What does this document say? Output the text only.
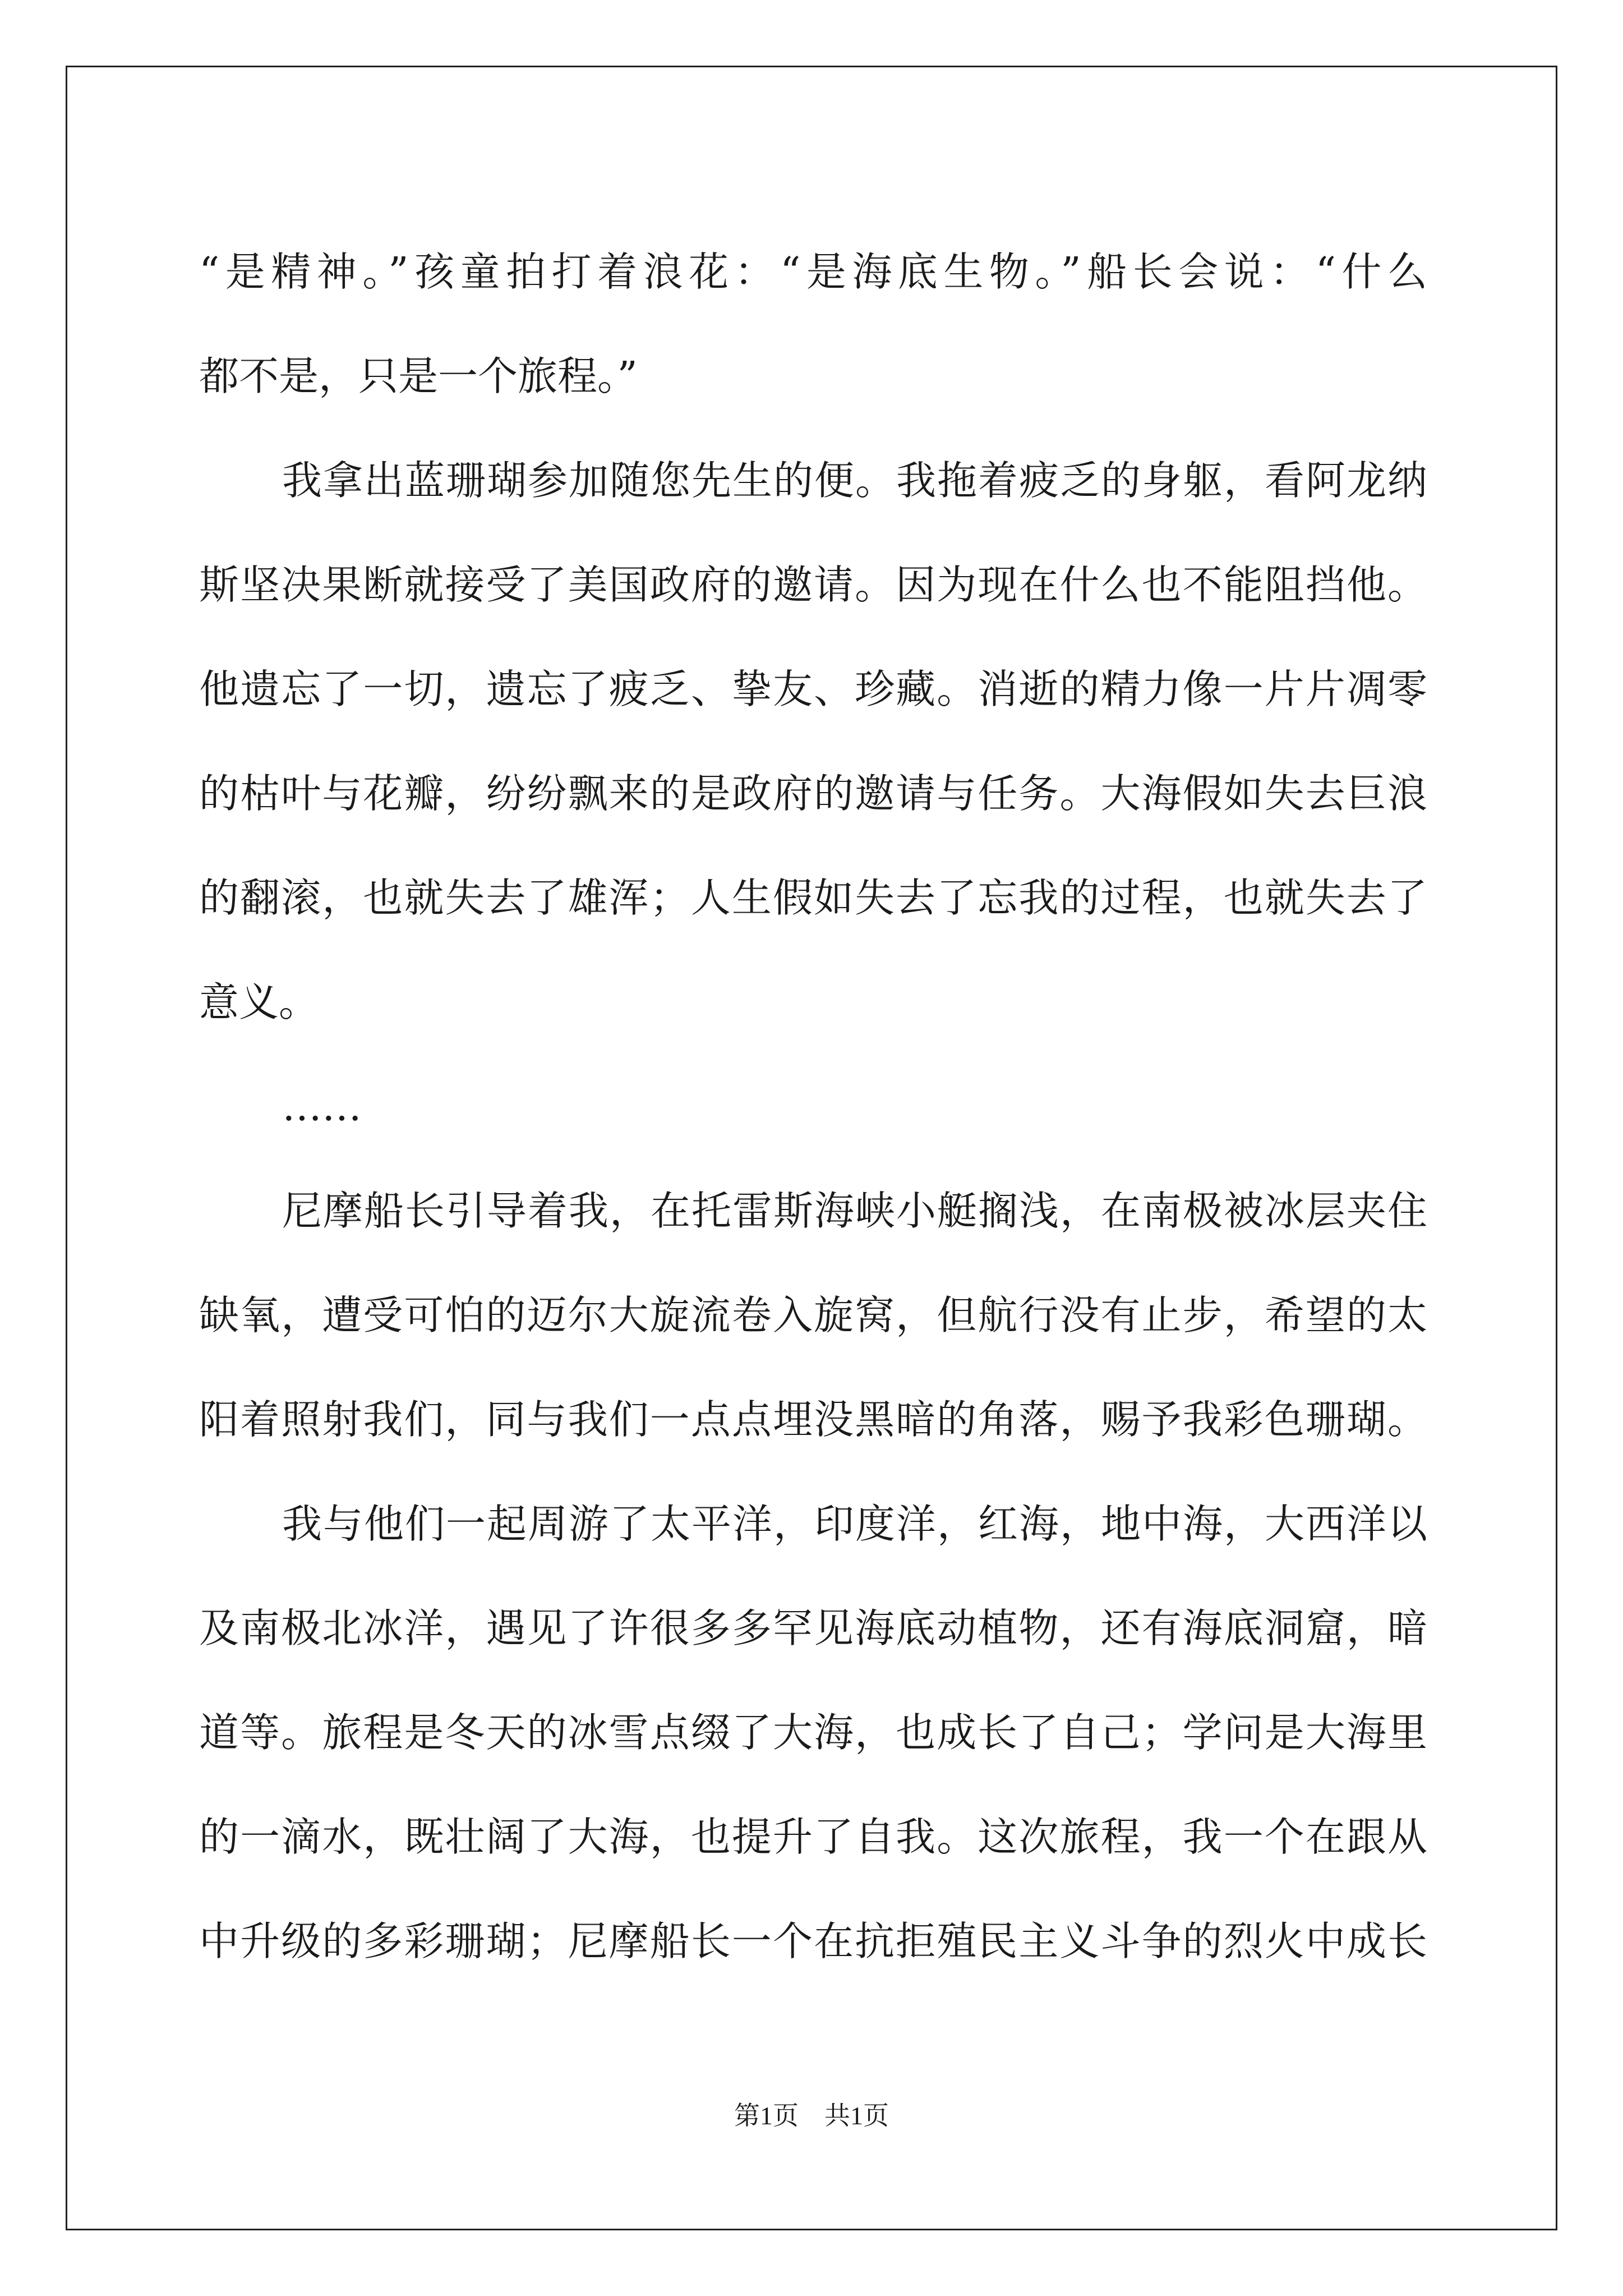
“是精神。”孩童拍打着浪花：“是海底生物。”船长会说：“什么
都不是，只是一个旅程。”
我拿出蓝珊瑚参加随您先生的便。我拖着疲乏的身躯，看阿龙纳
斯坚决果断就接受了美国政府的邀请。因为现在什么也不能阻挡他。
他遗忘了一切，遗忘了疲乏、挚友、珍藏。消逝的精力像一片片凋零
的枯叶与花瓣，纷纷飘来的是政府的邀请与任务。大海假如失去巨浪
的翻滚，也就失去了雄浑；人生假如失去了忘我的过程，也就失去了
意义。
……
尼摩船长引导着我，在托雷斯海峡小艇搁浅，在南极被冰层夹住
缺氧，遭受可怕的迈尔大旋流卷入旋窝，但航行没有止步，希望的太
阳着照射我们，同与我们一点点埋没黑暗的角落，赐予我彩色珊瑚。
我与他们一起周游了太平洋，印度洋，红海，地中海，大西洋以
及南极北冰洋，遇见了许很多多罕见海底动植物，还有海底洞窟，暗
道等。旅程是冬天的冰雪点缀了大海，也成长了自己；学问是大海里
的一滴水，既壮阔了大海，也提升了自我。这次旅程，我一个在跟从
中升级的多彩珊瑚；尼摩船长一个在抗拒殖民主义斗争的烈火中成长
第1页　共1页
